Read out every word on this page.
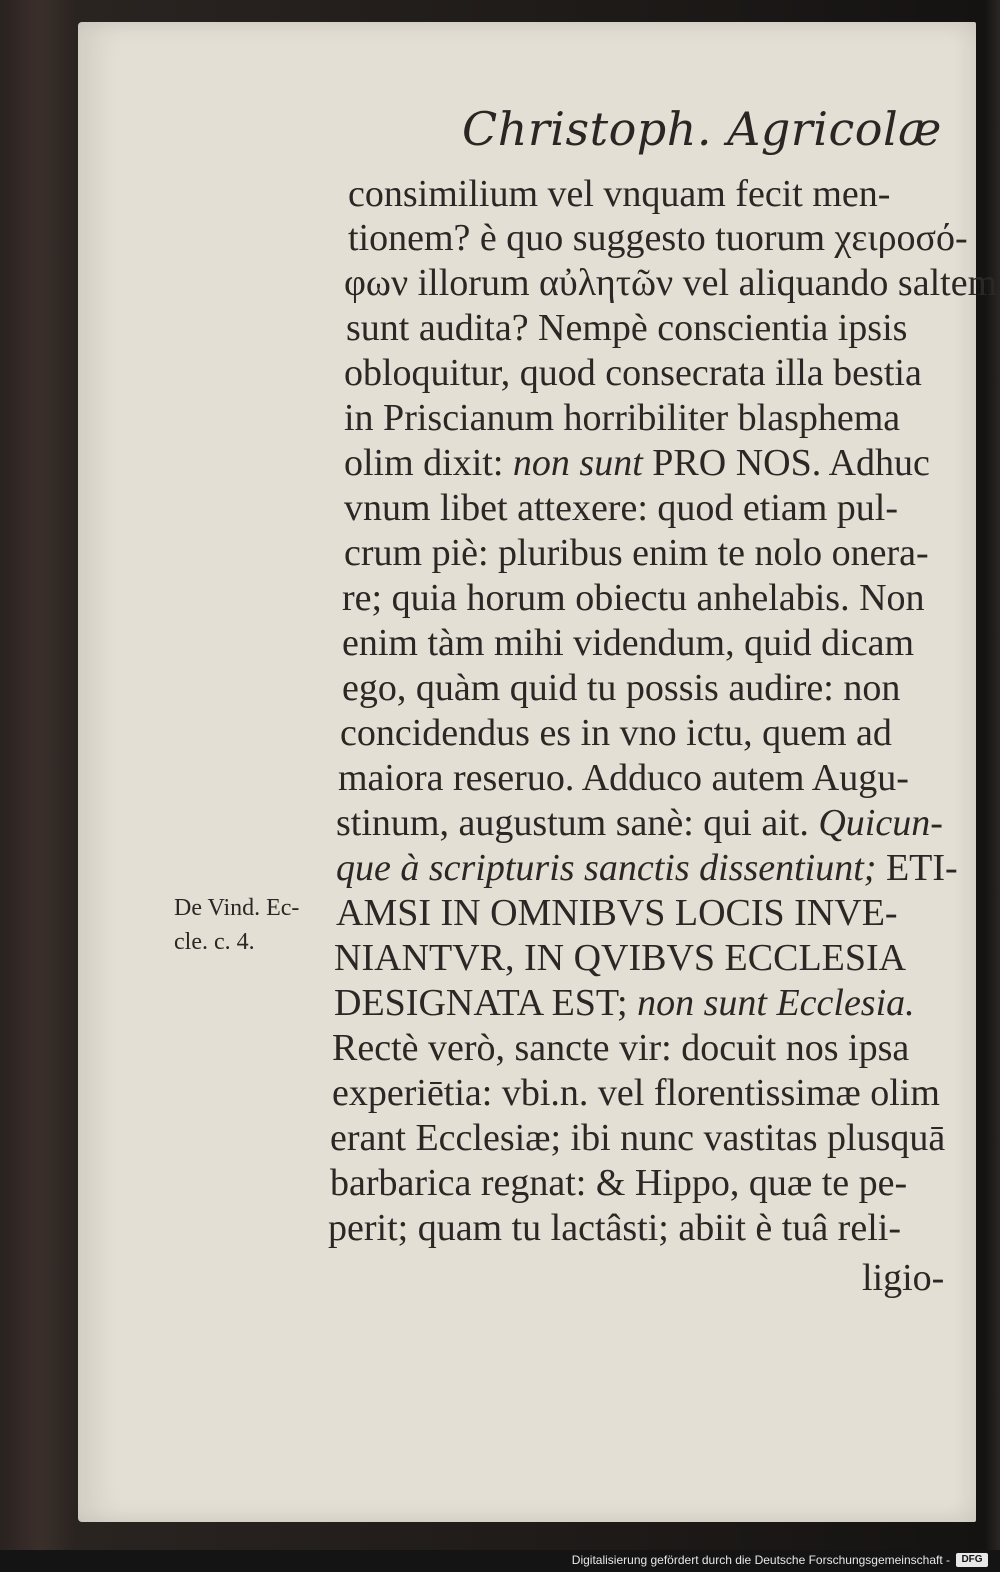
Christoph. Agricolæ
consimilium vel vnquam fecit men-
tionem? è quo suggesto tuorum χειροσό-
φων illorum αὐλητῶν vel aliquando saltem
sunt audita? Nempè conscientia ipsis
obloquitur, quod consecrata illa bestia
in Priscianum horribiliter blasphema
olim dixit: non sunt PRO NOS. Adhuc
vnum libet attexere: quod etiam pul-
crum piè: pluribus enim te nolo onera-
re; quia horum obiectu anhelabis. Non
enim tàm mihi videndum, quid dicam
ego, quàm quid tu possis audire: non
concidendus es in vno ictu, quem ad
maiora reseruo. Adduco autem Augu-
stinum, augustum sanè: qui ait. Quicun-
que à scripturis sanctis dissentiunt; ETI-
De Vind. Ec-
cle. c. 4.
AMSI IN OMNIBVS LOCIS INVE-
NIANTVR, IN QVIBVS ECCLESIA
DESIGNATA EST; non sunt Ecclesia.
Rectè verò, sancte vir: docuit nos ipsa
experiētia: vbi.n. vel florentissimæ olim
erant Ecclesiæ; ibi nunc vastitas plusquā
barbarica regnat: & Hippo, quæ te pe-
perit; quam tu lactâsti; abiit è tuâ reli-
ligio-
Digitalisierung gefördert durch die Deutsche Forschungsgemeinschaft -	DFG
